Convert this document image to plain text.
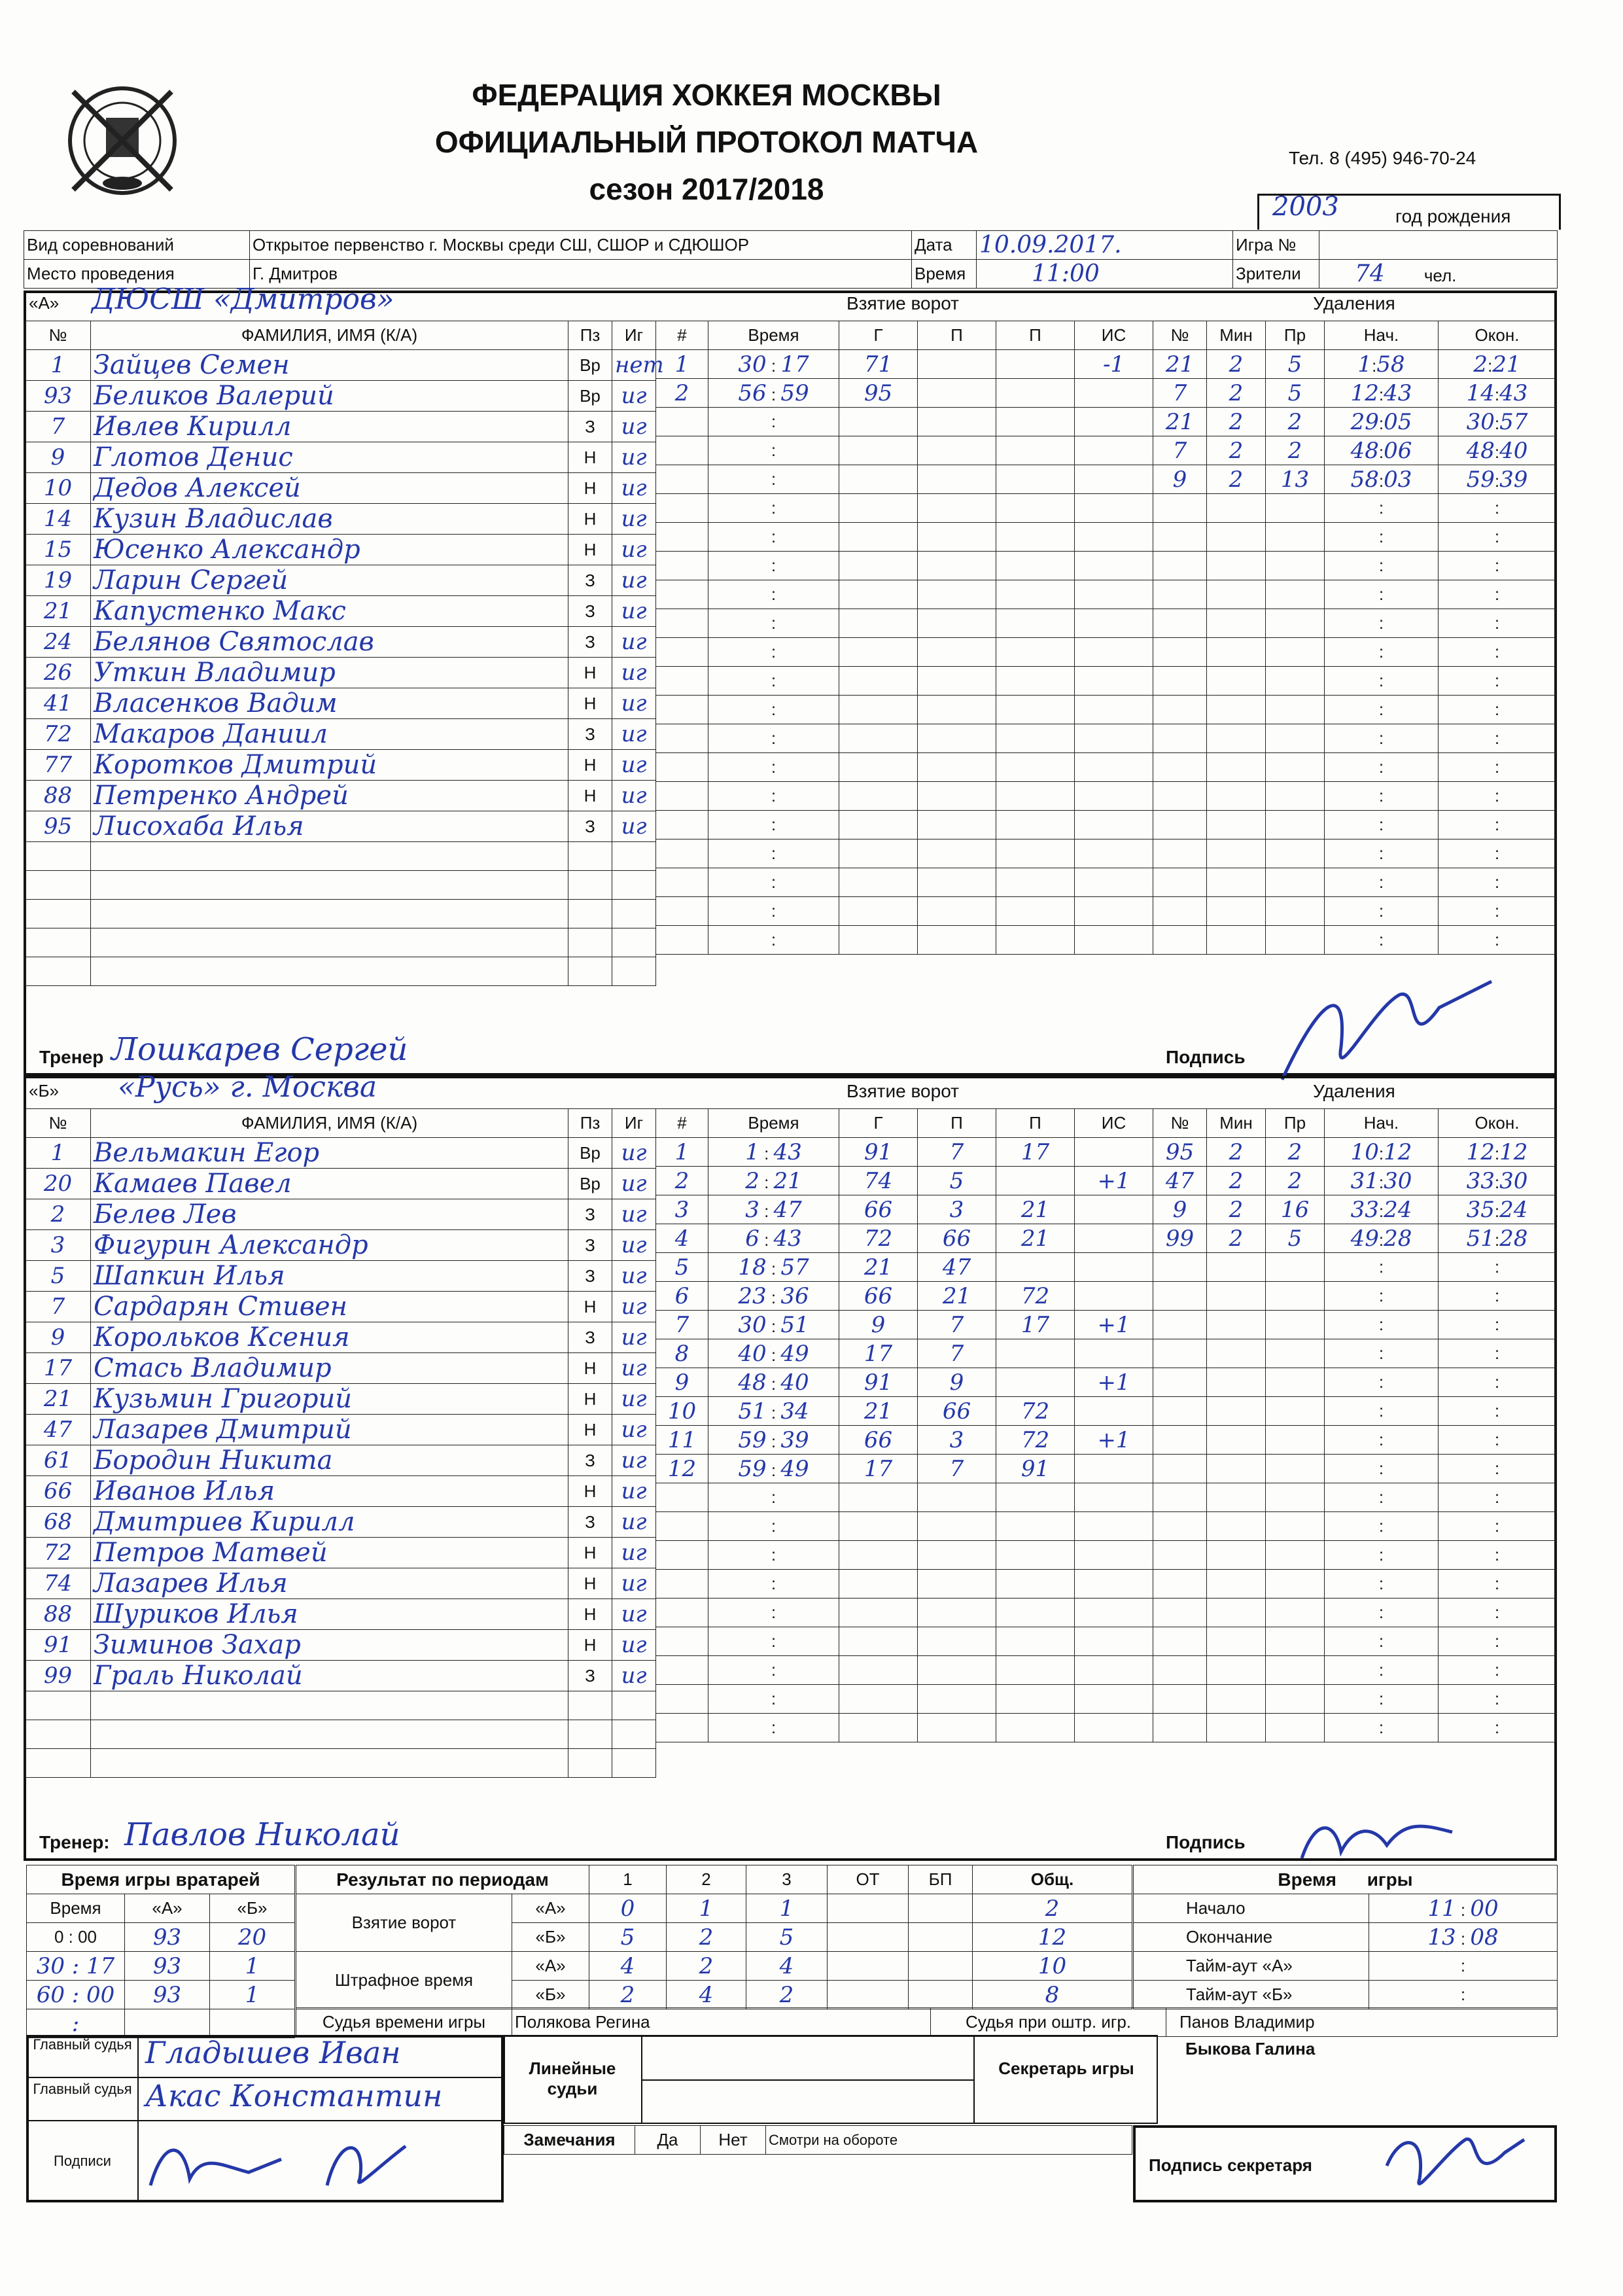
ФЕДЕРАЦИЯ ХОККЕЯ МОСКВЫ
ОФИЦИАЛЬНЫЙ ПРОТОКОЛ МАТЧА
сезон 2017/2018
Тел. 8 (495) 946-70-24
2003	год рождения
Вид соревнований	Открытое первенство г. Москвы среди СШ, СШОР и СДЮШОР	Дата	10.09.2017.	Игра №	
Место проведения	Г. Дмитров	Время	11:00	Зрители	74 чел.
«А» ДЮСШ «Дмитров»	Взятие ворот	Удаления
№	ФАМИЛИЯ, ИМЯ (К/А)	Пз	Иг
1	Зайцев Семен	Вр	нет
93	Беликов Валерий	Вр	иг
7	Ивлев Кирилл	З	иг
9	Глотов Денис	Н	иг
10	Дедов Алексей	Н	иг
14	Кузин Владислав	Н	иг
15	Юсенко Александр	Н	иг
19	Ларин Сергей	З	иг
21	Капустенко Макс	З	иг
24	Белянов Святослав	З	иг
26	Уткин Владимир	Н	иг
41	Власенков Вадим	Н	иг
72	Макаров Даниил	З	иг
77	Коротков Дмитрий	Н	иг
88	Петренко Андрей	Н	иг
95	Лисохаба Илья	З	иг

#	Время	Г	П	П	ИС
1	30 : 17	71			-1
2	56 : 59	95			
	:				
	:				
	:				
	:				
	:				
	:				
	:				
	:				
	:				
	:				
	:				
	:				
	:				
	:				
	:				
	:				
	:				
	:				
	:				
№	Мин	Пр	Нач.	Окон.
21	2	5	1:58	2:21
7	2	5	12:43	14:43
21	2	2	29:05	30:57
7	2	2	48:06	48:40
9	2	13	58:03	59:39
			:	:
			:	:
			:	:
			:	:
			:	:
			:	:
			:	:
			:	:
			:	:
			:	:
			:	:
			:	:
			:	:
			:	:
			:	:
			:	:
Тренер Лошкарев Сергей	Подпись
«Б» «Русь» г. Москва	Взятие ворот	Удаления
№	ФАМИЛИЯ, ИМЯ (К/А)	Пз	Иг
1	Вельмакин Егор	Вр	иг
20	Камаев Павел	Вр	иг
2	Белев Лев	З	иг
3	Фигурин Александр	З	иг
5	Шапкин Илья	З	иг
7	Сардарян Стивен	Н	иг
9	Корольков Ксения	З	иг
17	Стась Владимир	Н	иг
21	Кузьмин Григорий	Н	иг
47	Лазарев Дмитрий	Н	иг
61	Бородин Никита	З	иг
66	Иванов Илья	Н	иг
68	Дмитриев Кирилл	З	иг
72	Петров Матвей	Н	иг
74	Лазарев Илья	Н	иг
88	Шуриков Илья	Н	иг
91	Зиминов Захар	Н	иг
99	Граль Николай	З	иг

#	Время	Г	П	П	ИС
1	1 : 43	91	7	17	
2	2 : 21	74	5		+1
3	3 : 47	66	3	21	
4	6 : 43	72	66	21	
5	18 : 57	21	47		
6	23 : 36	66	21	72	
7	30 : 51	9	7	17	+1
8	40 : 49	17	7		
9	48 : 40	91	9		+1
10	51 : 34	21	66	72	
11	59 : 39	66	3	72	+1
12	59 : 49	17	7	91	
	:				
	:				
	:				
	:				
	:				
	:				
	:				
	:				
	:				
№	Мин	Пр	Нач.	Окон.
95	2	2	10:12	12:12
47	2	2	31:30	33:30
9	2	16	33:24	35:24
99	2	5	49:28	51:28
			:	:
			:	:
			:	:
			:	:
			:	:
			:	:
			:	:
			:	:
			:	:
			:	:
			:	:
			:	:
			:	:
			:	:
			:	:
			:	:
			:	:
Тренер: Павлов Николай	Подпись
Время игры вратарей		
Время	«А»	«Б»
0 : 00	93	20
30 : 17	93	1
60 : 00	93	1
:		
Результат по периодам		1	2	3	ОТ	БП	Общ.
Взятие ворот	«А»	0	1	1			2
	«Б»	5	2	5			12
Штрафное время	«А»	4	2	4			10
	«Б»	2	4	2			8
Время игры	
Начало	11 : 00
Окончание	13 : 08
Тайм-аут «А»	:
Тайм-аут «Б»	:
Судья времени игры	Полякова Регина	Судья при оштр. игр.	Панов Владимир
Главный судья
Главный судья
Гладышев Иван
Акас Константин
Подписи
Линейные судьи
Секретарь игры
Быкова Галина
Замечания	Да	Нет	Смотри на обороте
Подпись секретаря
